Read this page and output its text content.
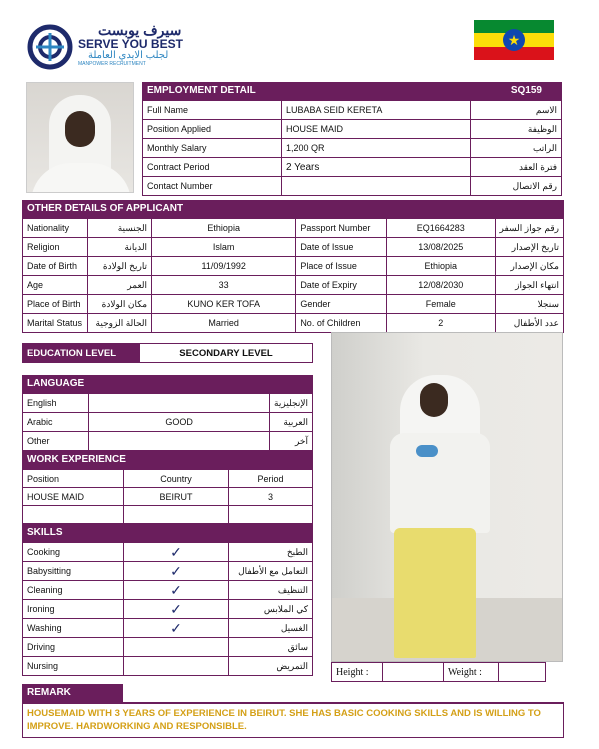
سيرف يوبست
SERVE YOU BEST
لجلب الايدي العاملة
MANPOWER RECRUITMENT
★
EMPLOYMENT DETAIL	SQ159
Full Name	LUBABA SEID KERETA	الاسم
Position Applied	HOUSE MAID	الوظيفة
Monthly Salary	1,200 QR	الراتب
Contract Period	2 Years	فترة العقد
Contact Number		رقم الاتصال
OTHER DETAILS OF APPLICANT
Nationality	الجنسية	Ethiopia	Passport Number	EQ1664283	رقم جواز السفر
Religion	الديانة	Islam	Date of Issue	13/08/2025	تاريخ الإصدار
Date of Birth	تاريخ الولادة	11/09/1992	Place of Issue	Ethiopia	مكان الإصدار
Age	العمر	33	Date of Expiry	12/08/2030	انتهاء الجواز
Place of Birth	مكان الولادة	KUNO KER TOFA	Gender	Female	سنجلا
Marital Status	الحالة الزوجية	Married	No. of Children	2	عدد الأطفال
EDUCATION LEVEL	SECONDARY LEVEL
LANGUAGE
English		الإنجليزية
Arabic	GOOD	العربية
Other		آخر
WORK EXPERIENCE
Position	Country	Period
HOUSE MAID	BEIRUT	3

SKILLS
Cooking	✓	الطبخ
Babysitting	✓	التعامل مع الأطفال
Cleaning	✓	التنظيف
Ironing	✓	كي الملابس
Washing	✓	الغسيل
Driving		سائق
Nursing		التمريض
Height :		Weight :	
REMARK
HOUSEMAID WITH 3 YEARS OF EXPERIENCE IN BEIRUT. SHE HAS BASIC COOKING SKILLS AND IS WILLING TO IMPROVE. HARDWORKING AND RESPONSIBLE.
